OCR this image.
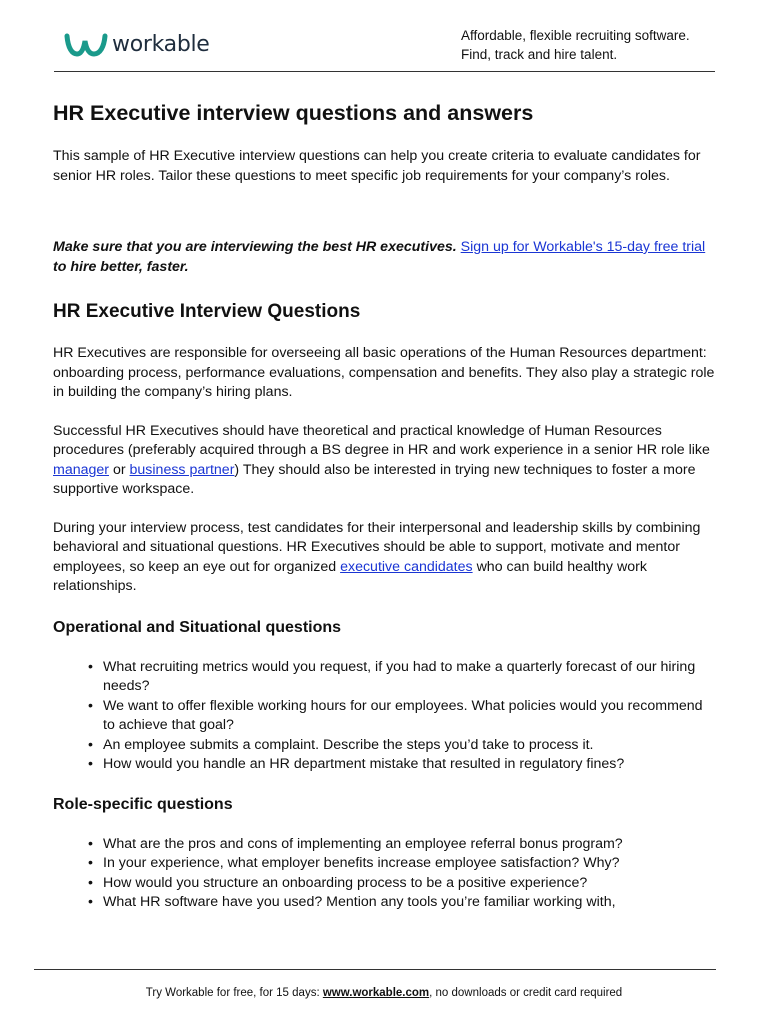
workable	Affordable, flexible recruiting software.
Find, track and hire talent.
HR Executive interview questions and answers

This sample of HR Executive interview questions can help you create criteria to evaluate candidates for senior HR roles. Tailor these questions to meet specific job requirements for your company’s roles.

Make sure that you are interviewing the best HR executives. Sign up for Workable's 15-day free trial to hire better, faster.

HR Executive Interview Questions

HR Executives are responsible for overseeing all basic operations of the Human Resources department: onboarding process, performance evaluations, compensation and benefits. They also play a strategic role in building the company’s hiring plans.

Successful HR Executives should have theoretical and practical knowledge of Human Resources procedures (preferably acquired through a BS degree in HR and work experience in a senior HR role like manager or business partner) They should also be interested in trying new techniques to foster a more supportive workspace.

During your interview process, test candidates for their interpersonal and leadership skills by combining behavioral and situational questions. HR Executives should be able to support, motivate and mentor employees, so keep an eye out for organized executive candidates who can build healthy work relationships.

Operational and Situational questions
• What recruiting metrics would you request, if you had to make a quarterly forecast of our hiring needs?
• We want to offer flexible working hours for our employees. What policies would you recommend to achieve that goal?
• An employee submits a complaint. Describe the steps you’d take to process it.
• How would you handle an HR department mistake that resulted in regulatory fines?
Role-specific questions
• What are the pros and cons of implementing an employee referral bonus program?
• In your experience, what employer benefits increase employee satisfaction? Why?
• How would you structure an onboarding process to be a positive experience?
• What HR software have you used? Mention any tools you’re familiar working with,
Try Workable for free, for 15 days: www.workable.com, no downloads or credit card required
